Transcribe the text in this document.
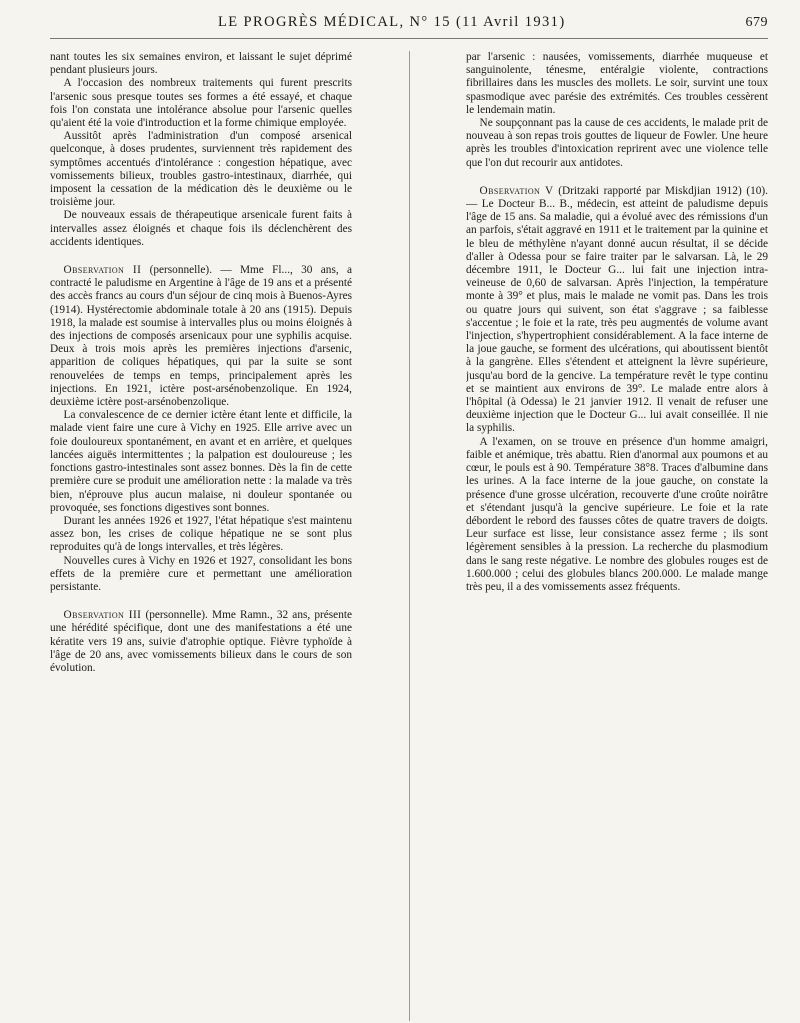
LE PROGRÈS MÉDICAL, N° 15 (11 Avril 1931)	679

nant toutes les six semaines environ, et laissant le sujet déprimé pendant plusieurs jours.

A l'occasion des nombreux traitements qui furent prescrits l'arsenic sous presque toutes ses formes a été essayé, et chaque fois l'on constata une intolérance absolue pour l'arsenic quelles qu'aient été la voie d'introduction et la forme chimique employée.

Aussitôt après l'administration d'un composé arsenical quelconque, à doses prudentes, surviennent très rapidement des symptômes accentués d'intolérance : congestion hépatique, avec vomissements bilieux, troubles gastro-intestinaux, diarrhée, qui imposent la cessation de la médication dès le deuxième ou le troisième jour.

De nouveaux essais de thérapeutique arsenicale furent faits à intervalles assez éloignés et chaque fois ils déclenchèrent des accidents identiques.

Observation II (personnelle). — Mme Fl..., 30 ans, a contracté le paludisme en Argentine à l'âge de 19 ans et a présenté des accès francs au cours d'un séjour de cinq mois à Buenos-Ayres (1914). Hystérectomie abdominale totale à 20 ans (1915). Depuis 1918, la malade est soumise à intervalles plus ou moins éloignés à des injections de composés arsenicaux pour une syphilis acquise. Deux à trois mois après les premières injections d'arsenic, apparition de coliques hépatiques, qui par la suite se sont renouvelées de temps en temps, principalement après les injections. En 1921, ictère post-arsénobenzolique. En 1924, deuxième ictère post-arsénobenzolique.

La convalescence de ce dernier ictère étant lente et difficile, la malade vient faire une cure à Vichy en 1925. Elle arrive avec un foie douloureux spontanément, en avant et en arrière, et quelques lancées aiguës intermittentes ; la palpation est douloureuse ; les fonctions gastro-intestinales sont assez bonnes. Dès la fin de cette première cure se produit une amélioration nette : la malade va très bien, n'éprouve plus aucun malaise, ni douleur spontanée ou provoquée, ses fonctions digestives sont bonnes.

Durant les années 1926 et 1927, l'état hépatique s'est maintenu assez bon, les crises de colique hépatique ne se sont plus reproduites qu'à de longs intervalles, et très légères.

Nouvelles cures à Vichy en 1926 et 1927, consolidant les bons effets de la première cure et permettant une amélioration persistante.

Observation III (personnelle). Mme Ramn., 32 ans, présente une hérédité spécifique, dont une des manifestations a été une kératite vers 19 ans, suivie d'atrophie optique. Fièvre typhoïde à l'âge de 20 ans, avec vomissements bilieux dans le cours de son évolution.

par l'arsenic : nausées, vomissements, diarrhée muqueuse et sanguinolente, ténesme, entéralgie violente, contractions fibrillaires dans les muscles des mollets. Le soir, survint une toux spasmodique avec parésie des extrémités. Ces troubles cessèrent le lendemain matin.

Ne soupçonnant pas la cause de ces accidents, le malade prit de nouveau à son repas trois gouttes de liqueur de Fowler. Une heure après les troubles d'intoxication reprirent avec une violence telle que l'on dut recourir aux antidotes.

Observation V (Dritzaki rapporté par Miskdjian 1912) (10). — Le Docteur B... B., médecin, est atteint de paludisme depuis l'âge de 15 ans. Sa maladie, qui a évolué avec des rémissions d'un an parfois, s'était aggravé en 1911 et le traitement par la quinine et le bleu de méthylène n'ayant donné aucun résultat, il se décide d'aller à Odessa pour se faire traiter par le salvarsan. Là, le 29 décembre 1911, le Docteur G... lui fait une injection intra-veineuse de 0,60 de salvarsan. Après l'injection, la température monte à 39° et plus, mais le malade ne vomit pas. Dans les trois ou quatre jours qui suivent, son état s'aggrave ; sa faiblesse s'accentue ; le foie et la rate, très peu augmentés de volume avant l'injection, s'hypertrophient considérablement. A la face interne de la joue gauche, se forment des ulcérations, qui aboutissent bientôt à la gangrène. Elles s'étendent et atteignent la lèvre supérieure, jusqu'au bord de la gencive. La température revêt le type continu et se maintient aux environs de 39°. Le malade entre alors à l'hôpital (à Odessa) le 21 janvier 1912. Il venait de refuser une deuxième injection que le Docteur G... lui avait conseillée. Il nie la syphilis.

A l'examen, on se trouve en présence d'un homme amaigri, faible et anémique, très abattu. Rien d'anormal aux poumons et au cœur, le pouls est à 90. Température 38°8. Traces d'albumine dans les urines. A la face interne de la joue gauche, on constate la présence d'une grosse ulcération, recouverte d'une croûte noirâtre et s'étendant jusqu'à la gencive supérieure. Le foie et la rate débordent le rebord des fausses côtes de quatre travers de doigts. Leur surface est lisse, leur consistance assez ferme ; ils sont légèrement sensibles à la pression. La recherche du plasmodium dans le sang reste négative. Le nombre des globules rouges est de 1.600.000 ; celui des globules blancs 200.000. Le malade mange très peu, il a des vomissements assez fréquents.
